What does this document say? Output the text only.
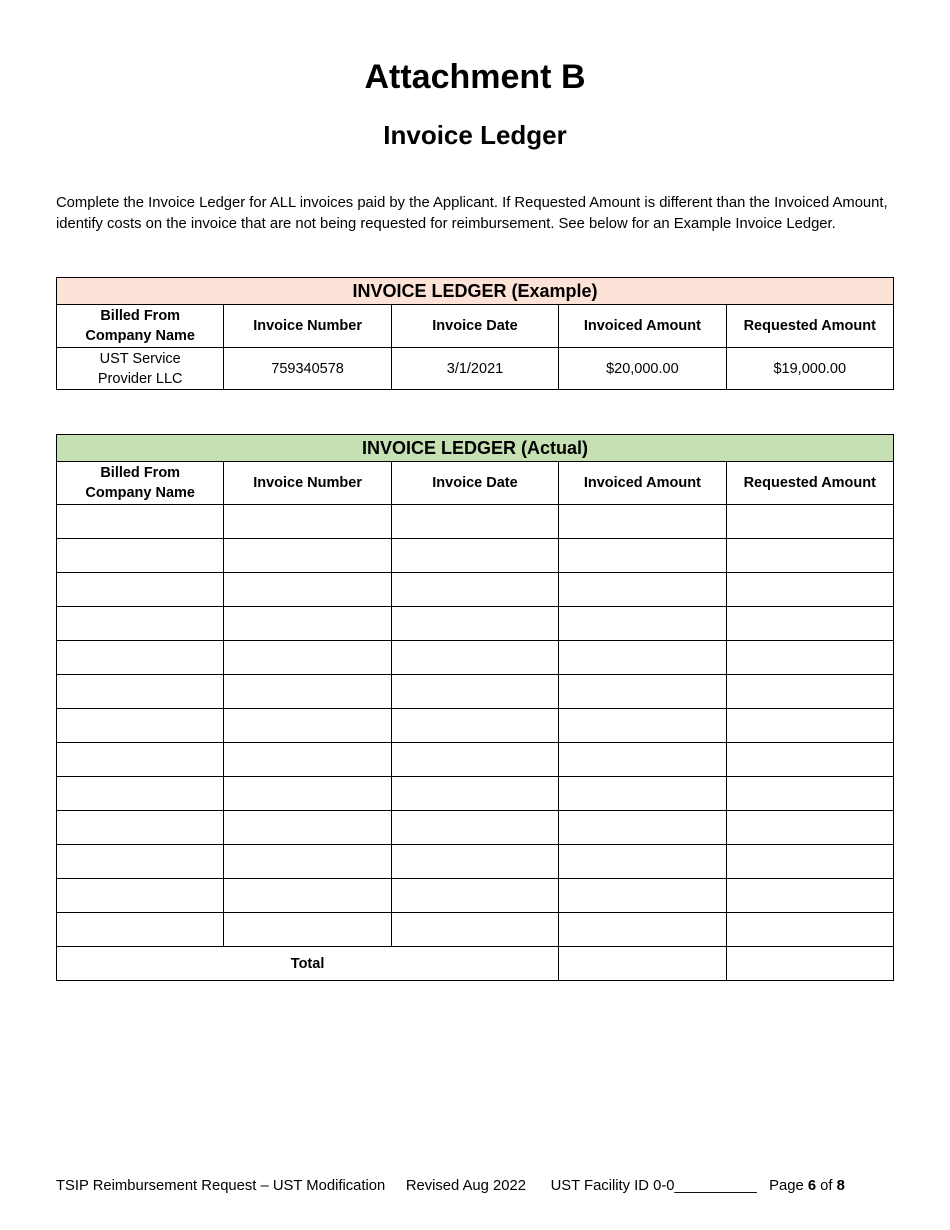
Attachment B
Invoice Ledger
Complete the Invoice Ledger for ALL invoices paid by the Applicant. If Requested Amount is different than the Invoiced Amount, identify costs on the invoice that are not being requested for reimbursement. See below for an Example Invoice Ledger.
INVOICE LEDGER (Example)				
Billed From
Company Name	Invoice Number	Invoice Date	Invoiced Amount	Requested Amount
UST Service Provider LLC	759340578	3/1/2021	$20,000.00	$19,000.00
INVOICE LEDGER (Actual)				
Billed From
Company Name	Invoice Number	Invoice Date	Invoiced Amount	Requested Amount

Total				
TSIP Reimbursement Request – UST Modification Revised Aug 2022 UST Facility ID 0-0__________ Page 6 of 8
